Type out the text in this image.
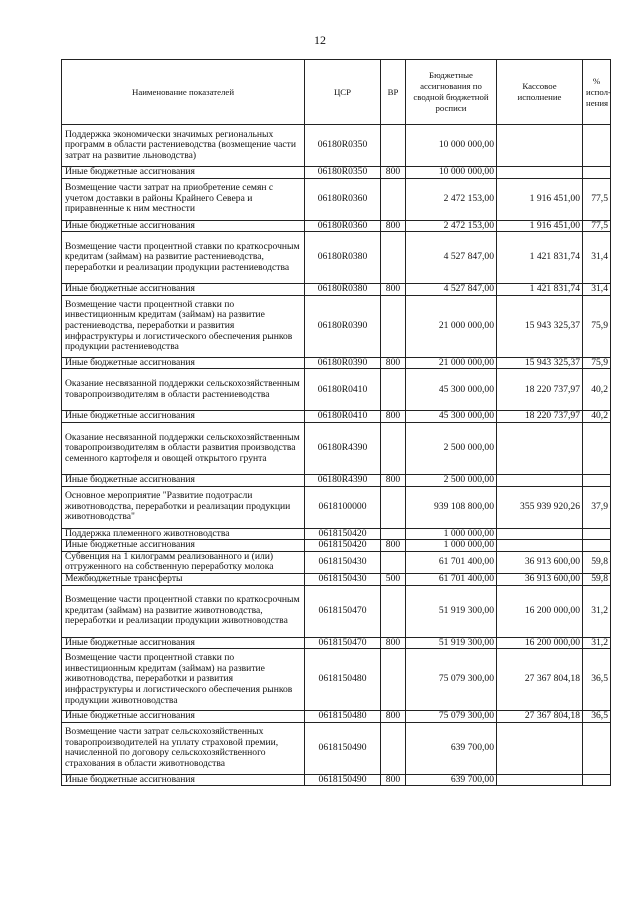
12
Наименование показателей	ЦСР	ВР	Бюджетные ассигнования по сводной бюджетной росписи	Кассовое исполнение	% испол-нения
Поддержка экономически значимых региональных программ в области растениеводства (возмещение части затрат на развитие льноводства)	06180R0350		10 000 000,00		
Иные бюджетные ассигнования	06180R0350	800	10 000 000,00		
Возмещение части затрат на приобретение семян с учетом доставки в районы Крайнего Севера и приравненные к ним местности	06180R0360		2 472 153,00	1 916 451,00	77,5
Иные бюджетные ассигнования	06180R0360	800	2 472 153,00	1 916 451,00	77,5
Возмещение части процентной ставки по краткосрочным кредитам (займам) на развитие растениеводства, переработки и реализации продукции растениеводства	06180R0380		4 527 847,00	1 421 831,74	31,4
Иные бюджетные ассигнования	06180R0380	800	4 527 847,00	1 421 831,74	31,4
Возмещение части процентной ставки по инвестиционным кредитам (займам) на развитие растениеводства, переработки и развития инфраструктуры и логистического обеспечения рынков продукции растениеводства	06180R0390		21 000 000,00	15 943 325,37	75,9
Иные бюджетные ассигнования	06180R0390	800	21 000 000,00	15 943 325,37	75,9
Оказание несвязанной поддержки сельскохозяйственным товаропроизводителям в области растениеводства	06180R0410		45 300 000,00	18 220 737,97	40,2
Иные бюджетные ассигнования	06180R0410	800	45 300 000,00	18 220 737,97	40,2
Оказание несвязанной поддержки сельскохозяйственным товаропроизводителям в области развития производства семенного картофеля и овощей открытого грунта	06180R4390		2 500 000,00		
Иные бюджетные ассигнования	06180R4390	800	2 500 000,00		
Основное мероприятие "Развитие подотрасли животноводства, переработки и реализации продукции животноводства"	0618100000		939 108 800,00	355 939 920,26	37,9
Поддержка племенного животноводства	0618150420		1 000 000,00		
Иные бюджетные ассигнования	0618150420	800	1 000 000,00		
Субвенция на 1 килограмм реализованного и (или) отгруженного на собственную переработку молока	0618150430		61 701 400,00	36 913 600,00	59,8
Межбюджетные трансферты	0618150430	500	61 701 400,00	36 913 600,00	59,8
Возмещение части процентной ставки по краткосрочным кредитам (займам) на развитие животноводства, переработки и реализации продукции животноводства	0618150470		51 919 300,00	16 200 000,00	31,2
Иные бюджетные ассигнования	0618150470	800	51 919 300,00	16 200 000,00	31,2
Возмещение части процентной ставки по инвестиционным кредитам (займам) на развитие животноводства, переработки и развития инфраструктуры и логистического обеспечения рынков продукции животноводства	0618150480		75 079 300,00	27 367 804,18	36,5
Иные бюджетные ассигнования	0618150480	800	75 079 300,00	27 367 804,18	36,5
Возмещение части затрат сельскохозяйственных товаропроизводителей на уплату страховой премии, начисленной по договору сельскохозяйственного страхования в области животноводства	0618150490		639 700,00		
Иные бюджетные ассигнования	0618150490	800	639 700,00		
